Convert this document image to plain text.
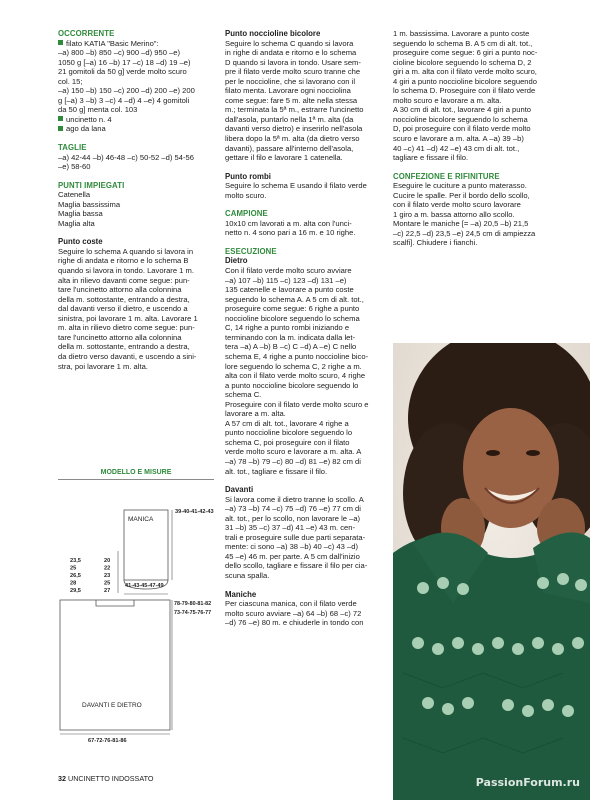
OCCORRENTE
filato KATIA "Basic Merino":
–a) 800 –b) 850 –c) 900 –d) 950 –e)
1050 g [–a) 16 –b) 17 –c) 18 –d) 19 –e)
21 gomitoli da 50 g] verde molto scuro
col. 15;
–a) 150 –b) 150 –c) 200 –d) 200 –e) 200
g [–a) 3 –b) 3 –c) 4 –d) 4 –e) 4 gomitoli
da 50 g] menta col. 103
uncinetto n. 4
ago da lana
TAGLIE
–a) 42-44 –b) 46-48 –c) 50-52 –d) 54-56
–e) 58-60
PUNTI IMPIEGATI
Catenella
Maglia bassissima
Maglia bassa
Maglia alta
Punto coste
Seguire lo schema A quando si lavora in
righe di andata e ritorno e lo schema B
quando si lavora in tondo. Lavorare 1 m.
alta in rilievo davanti come segue: pun-
tare l'uncinetto attorno alla colonnina
della m. sottostante, entrando a destra,
dal davanti verso il dietro, e uscendo a
sinistra, poi lavorare 1 m. alta. Lavorare 1
m. alta in rilievo dietro come segue: pun-
tare l'uncinetto attorno alla colonnina
della m. sottostante, entrando a destra,
da dietro verso davanti, e uscendo a sini-
stra, poi lavorare 1 m. alta.
MODELLO E MISURE
MANICA
39-40-41-42-43
41-43-45-47-49
23,5
25
26,5
28
29,5
20
22
23
25
27
78-79-80-81-82
73-74-75-76-77
DAVANTI E DIETRO
67-72-76-81-86
Punto noccioline bicolore
Seguire lo schema C quando si lavora
in righe di andata e ritorno e lo schema
D quando si lavora in tondo. Usare sem-
pre il filato verde molto scuro tranne che
per le noccioline, che si lavorano con il
filato menta. Lavorare ogni nocciolina
come segue: fare 5 m. alte nella stessa
m.; terminata la 5ª m., estrarre l'uncinetto
dall'asola, puntarlo nella 1ª m. alta (da
davanti verso dietro) e inserirlo nell'asola
libera dopo la 5ª m. alta (da dietro verso
davanti), passare all'interno dell'asola,
gettare il filo e lavorare 1 catenella.
Punto rombi
Seguire lo schema E usando il filato verde
molto scuro.
CAMPIONE
10x10 cm lavorati a m. alta con l'unci-
netto n. 4 sono pari a 16 m. e 10 righe.
ESECUZIONE
Dietro
Con il filato verde molto scuro avviare
–a) 107 –b) 115 –c) 123 –d) 131 –e)
135 catenelle e lavorare a punto coste
seguendo lo schema A. A 5 cm di alt. tot.,
proseguire come segue: 6 righe a punto
noccioline bicolore seguendo lo schema
C, 14 righe a punto rombi iniziando e
terminando con la m. indicata dalla let-
tera –a) A –b) B –c) C –d) A –e) C nello
schema E, 4 righe a punto noccioline bico-
lore seguendo lo schema C, 2 righe a m.
alta con il filato verde molto scuro, 4 righe
a punto noccioline bicolore seguendo lo
schema C.
Proseguire con il filato verde molto scuro e
lavorare a m. alta.
A 57 cm di alt. tot., lavorare 4 righe a
punto noccioline bicolore seguendo lo
schema C, poi proseguire con il filato
verde molto scuro e lavorare a m. alta. A
–a) 78 –b) 79 –c) 80 –d) 81 –e) 82 cm di
alt. tot., tagliare e fissare il filo.
Davanti
Si lavora come il dietro tranne lo scollo. A
–a) 73 –b) 74 –c) 75 –d) 76 –e) 77 cm di
alt. tot., per lo scollo, non lavorare le –a)
31 –b) 35 –c) 37 –d) 41 –e) 43 m. cen-
trali e proseguire sulle due parti separata-
mente: ci sono –a) 38 –b) 40 –c) 43 –d)
45 –e) 46 m. per parte. A 5 cm dall'inizio
dello scollo, tagliare e fissare il filo per cia-
scuna spalla.
Maniche
Per ciascuna manica, con il filato verde
molto scuro avviare –a) 64 –b) 68 –c) 72
–d) 76 –e) 80 m. e chiuderle in tondo con
1 m. bassissima. Lavorare a punto coste
seguendo lo schema B. A 5 cm di alt. tot.,
proseguire come segue: 6 giri a punto noc-
cioline bicolore seguendo lo schema D, 2
giri a m. alta con il filato verde molto scuro,
4 giri a punto noccioline bicolore seguendo
lo schema D. Proseguire con il filato verde
molto scuro e lavorare a m. alta.
A 30 cm di alt. tot., lavorare 4 giri a punto
noccioline bicolore seguendo lo schema
D, poi proseguire con il filato verde molto
scuro e lavorare a m. alta. A –a) 39 –b)
40 –c) 41 –d) 42 –e) 43 cm di alt. tot.,
tagliare e fissare il filo.
CONFEZIONE E RIFINITURE
Eseguire le cuciture a punto materasso.
Cucire le spalle. Per il bordo dello scollo,
con il filato verde molto scuro lavorare
1 giro a m. bassa attorno allo scollo.
Montare le maniche [= –a) 20,5 –b) 21,5
–c) 22,5 –d) 23,5 –e) 24,5 cm di ampiezza
scalfi]. Chiudere i fianchi.
32 UNCINETTO INDOSSATO	PassionForum.ru
